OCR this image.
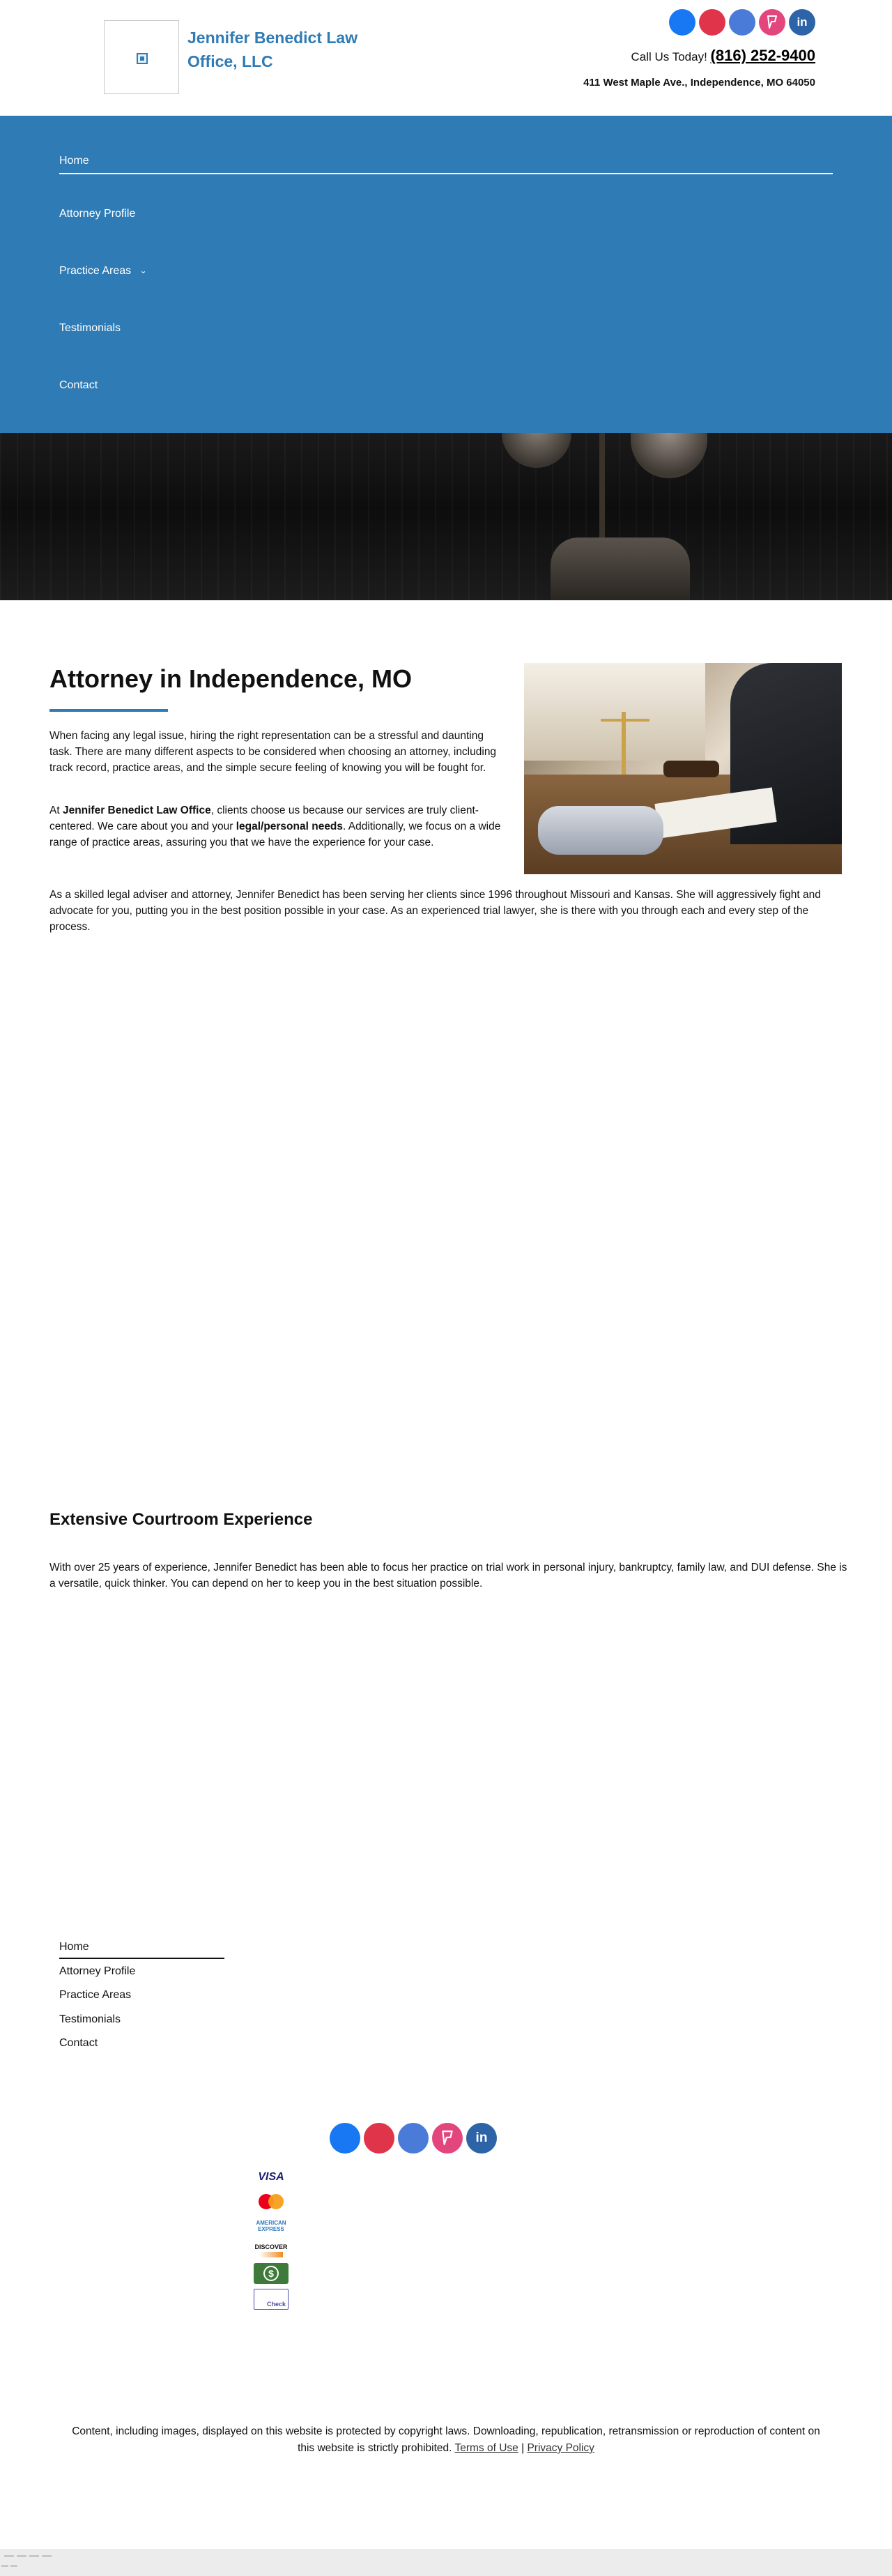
Jennifer Benedict Law Office, LLC
in
Call Us Today! (816) 252-9400
411 West Maple Ave., Independence, MO 64050
Home
Attorney Profile
Practice Areas ⌄
Testimonials
Contact
Attorney in Independence, MO

When facing any legal issue, hiring the right representation can be a stressful and daunting task. There are many different aspects to be considered when choosing an attorney, including track record, practice areas, and the simple secure feeling of knowing you will be fought for.

At Jennifer Benedict Law Office, clients choose us because our services are truly client-centered. We care about you and your legal/personal needs. Additionally, we focus on a wide range of practice areas, assuring you that we have the experience for your case.

As a skilled legal adviser and attorney, Jennifer Benedict has been serving her clients since 1996 throughout Missouri and Kansas. She will aggressively fight and advocate for you, putting you in the best position possible in your case. As an experienced trial lawyer, she is there with you through each and every step of the process.

Extensive Courtroom Experience

With over 25 years of experience, Jennifer Benedict has been able to focus her practice on trial work in personal injury, bankruptcy, family law, and DUI defense. She is a versatile, quick thinker. You can depend on her to keep you in the best situation possible.

Home
Attorney Profile
Practice Areas
Testimonials
Contact
in
VISA
AMERICAN EXPRESS
DISCOVER
$
Check

Content, including images, displayed on this website is protected by copyright laws. Downloading, republication, retransmission or reproduction of content on this website is strictly prohibited. Terms of Use | Privacy Policy
